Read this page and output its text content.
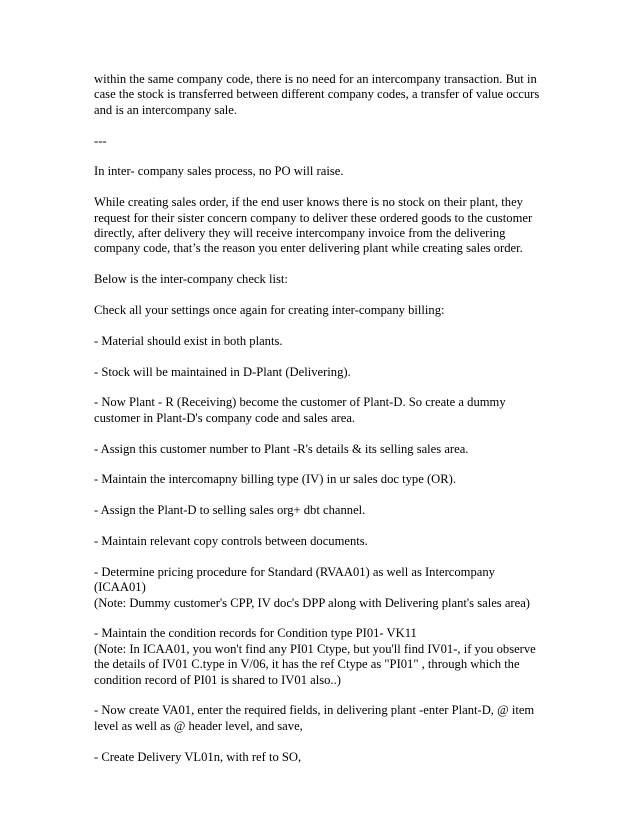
within the same company code, there is no need for an intercompany transaction. But in
case the stock is transferred between different company codes, a transfer of value occurs
and is an intercompany sale.

---

In inter- company sales process, no PO will raise.

While creating sales order, if the end user knows there is no stock on their plant, they
request for their sister concern company to deliver these ordered goods to the customer
directly, after delivery they will receive intercompany invoice from the delivering
company code, that’s the reason you enter delivering plant while creating sales order.

Below is the inter-company check list:

Check all your settings once again for creating inter-company billing:

- Material should exist in both plants.

- Stock will be maintained in D-Plant (Delivering).

- Now Plant - R (Receiving) become the customer of Plant-D. So create a dummy
customer in Plant-D's company code and sales area.

- Assign this customer number to Plant -R's details & its selling sales area.

- Maintain the intercomapny billing type (IV) in ur sales doc type (OR).

- Assign the Plant-D to selling sales org+ dbt channel.

- Maintain relevant copy controls between documents.

- Determine pricing procedure for Standard (RVAA01) as well as Intercompany
(ICAA01)
(Note: Dummy customer's CPP, IV doc's DPP along with Delivering plant's sales area)

- Maintain the condition records for Condition type PI01- VK11
(Note: In ICAA01, you won't find any PI01 Ctype, but you'll find IV01-, if you observe
the details of IV01 C.type in V/06, it has the ref Ctype as "PI01" , through which the
condition record of PI01 is shared to IV01 also..)

- Now create VA01, enter the required fields, in delivering plant -enter Plant-D, @ item
level as well as @ header level, and save,

- Create Delivery VL01n, with ref to SO,
